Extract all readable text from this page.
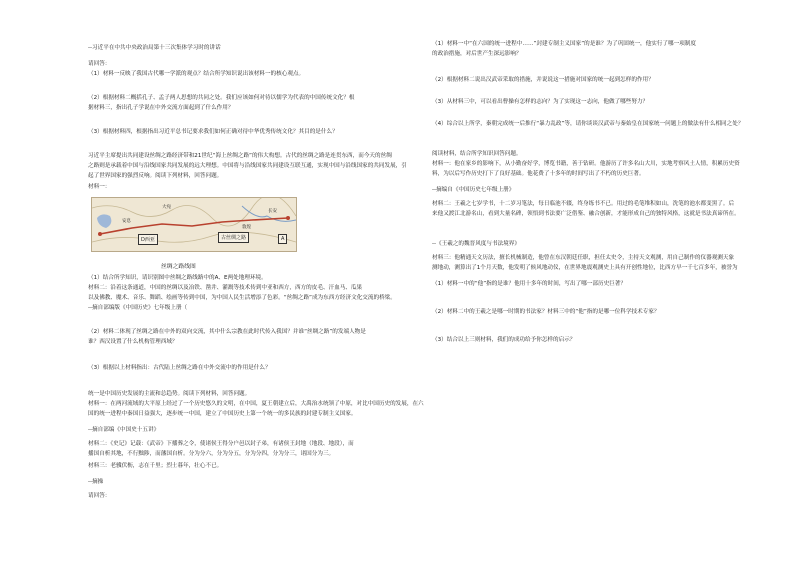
--习近平在中共中央政治局第十三次集体学习时的讲话
请回答：
（1）材料一反映了我国古代哪一学派的观点？结合所学知识说出该材料一的核心观点。
（2）根据材料二概括孔子、孟子两人思想的共同之处。我们应该如何对待以儒学为代表的中国传统文化？根
据材料三，指出孔子学说在中外交流方面起到了什么作用？
（3）根据材料四，根据指出习近平总书记要求我们如何正确对待中华优秀传统文化？其目的是什么？
习近平主席提出共同建设丝绸之路经济带和21世纪“海上丝绸之路”的伟大构想。古代的丝绸之路是连贯东西，而今天的丝绸
之路则是承载着中国与沿线国家共同发展的远大理想。中国将与沿线国家共同建设互联互通，实现中国与沿线国家的共同发展，引
起了世界国家的强烈反响。阅读下列材料，回答问题。
材料一：
D西亚	古丝绸之路	A
大宛
安息
敦煌
长安
丝绸之路线图
（1）结合所学知识，请识别图中丝绸之路线路中的A、E两处地理环境。
材料二：沿着这条通道，中国的丝绸以及冶铁、凿井、灌溉等技术传到中亚和西方，西方的皮毛、汗血马、瓜果
以及佛教、魔术、音乐、舞蹈、绘画等传到中国，为中国人民生活增添了色彩。“丝绸之路”成为东西方经济文化交流的桥梁。
--摘自部编版《中国历史》七年级上册（
（2）材料二体现了丝绸之路在中外的双向交流，其中什么宗教在此时代传入我国？并谁“丝绸之路”的发端人物是
谁？西汉设置了什么机构管理西域？
（3）根据以上材料指出：古代陆上丝绸之路在中外交流中的作用是什么？
统一是中国历史发展的主流和总趋势。阅读下列材料，回答问题。
材料一：在两河流域的大平原上经过了一个历史悠久的文明，在中国，夏王朝建立后，大禹治水统领了中原，对比中国历史的发展，在六
国的统一进程中秦国日益强大，逐步统一中国，建立了中国历史上第一个统一的多民族的封建专制主义国家。
--摘自部编《中国史十五讲》
材料二：《史记》记载：《武帝》下播葬之令，使诸侯王得分户邑以封子弟，有诸侯王封地（地段、地段），而
播国自析其地，不行黜陟，而藩国自析。分为分六，分为分五，分为分四，分为分三，诸国分为三。
材料三：老骥伏枥，志在千里；烈士暮年，壮心不已。
--摘操
请回答：
（1）材料一中“在六国的统一进程中……”封建专制主义国家”的是谁？为了巩固统一，他实行了哪一项制度
的政治措施，对后世产生深远影响？
（2）根据材料二说出汉武帝采取的措施，并说说这一措施对国家的统一起到怎样的作用？
（3）从材料三中，可以看出曹操有怎样的志向？为了实现这一志向，他做了哪些努力？
（4）综合以上所学，秦朝完成统一后推行“暴力乱政”等，请你谈谈汉武帝与秦始皇在国家统一问题上的做法有什么相同之处？
阅读材料，结合所学知识回答问题。
材料一：他在家乡的影响下，从小勤奋好学，博览书籍，善于钻研。他游历了许多名山大川，实地考察风土人情，积累历史资
料，为以后写作历史打下了良好基础。他花费了十多年的时间写出了不朽的历史巨著。
--摘编自《中国历史七年级上册》
材料二：王羲之七岁学书，十二岁习笔法，每日临池不辍，终身练书不已。用过的毛笔堆积如山，洗笔的池水都变黑了。后
来他又渡江北游名山，看到大量名碑，领悟到书法要广泛借鉴、融合创新，才能形成自己的独特风格，这就是书法真谛所在。
--《王羲之的魏晋风度与书法境界》
材料三：他精通天文历法，擅长机械制造，他曾在东汉朝廷任职，担任太史令，主持天文观测，用自己制作的仪器观测天象
测地动，测算出了1个月天数，他发明了候风地动仪，在世界地震观测史上具有开创性地位，比西方早一千七百多年，被誉为
（1）材料一中的“他”指的是谁？他用十多年的时间，写出了哪一部历史巨著？
（2）材料二中的王羲之是哪一时期的书法家？材料三中的“他”指的是哪一位科学技术专家？
（3）结合以上三则材料，我们的成功给予你怎样的启示？
